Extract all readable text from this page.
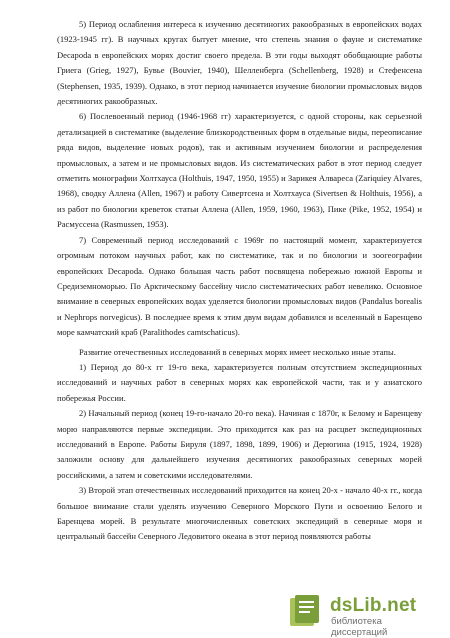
5) Период ослабления интереса к изучению десятиногих ракообразных в европейских водах (1923-1945 гг). В научных кругах бытует мнение, что степень знания о фауне и систематике Decapoda в европейских морях достиг своего предела. В эти годы выходят обобщающие работы Гриега (Grieg, 1927), Бувье (Bouvier, 1940), Шелленберга (Schellenberg, 1928) и Стефенсена (Stephensen, 1935, 1939). Однако, в этот период начинается изучение биологии промысловых видов десятиногих ракообразных.

6) Послевоенный период (1946-1968 гг) характеризуется, с одной стороны, как серьезной детализацией в систематике (выделение близкородственных форм в отдельные виды, переописание ряда видов, выделение новых родов), так и активным изучением биологии и распределения промысловых, а затем и не промысловых видов. Из систематических работ в этот период следует отметить монографии Холтхауса (Holthuis, 1947, 1950, 1955) и Зарикея Алвареса (Zariquiey Alvares, 1968), сводку Аллена (Allen, 1967) и работу Сивертсена и Холтхауса (Sivertsen & Holthuis, 1956), а из работ по биологии креветок статьи Аллена (Allen, 1959, 1960, 1963), Пике (Pike, 1952, 1954) и Расмуссена (Rasmussen, 1953).

7) Современный период исследований с 1969г по настоящий момент, характеризуется огромным потоком научных работ, как по систематике, так и по биологии и зоогеографии европейских Decapoda. Однако большая часть работ посвящена побережью южной Европы и Средиземноморью. По Арктическому бассейну число систематических работ невелико. Основное внимание в северных европейских водах уделяется биологии промысловых видов (Pandalus borealis и Nephrops norvegicus). В последнее время к этим двум видам добавился и вселенный в Баренцево море камчатский краб (Paralithodes camtschaticus).

Развитие отечественных исследований в северных морях имеет несколько иные этапы.

1) Период до 80-х гг 19-го века, характеризуется полным отсутствием экспедиционных исследований и научных работ в северных морях как европейской части, так и у азиатского побережья России.

2) Начальный период (конец 19-го-начало 20-го века). Начиная с 1870г, к Белому и Баренцеву морю направляются первые экспедиции. Это приходится как раз на расцвет экспедиционных исследований в Европе. Работы Бируля (1897, 1898, 1899, 1906) и Дерюгина (1915, 1924, 1928) заложили основу для дальнейшего изучения десятиногих ракообразных северных морей российскими, а затем и советскими исследователями.

3) Второй этап отечественных исследований приходится на конец 20-х - начало 40-х гг., когда большое внимание стали уделять изучению Северного Морского Пути и освоению Белого и Баренцева морей. В результате многочисленных советских экспедиций в северные моря и центральный бассейн Северного Ледовитого океана в этот период появляются работы

dsLib.net
библиотека диссертаций
